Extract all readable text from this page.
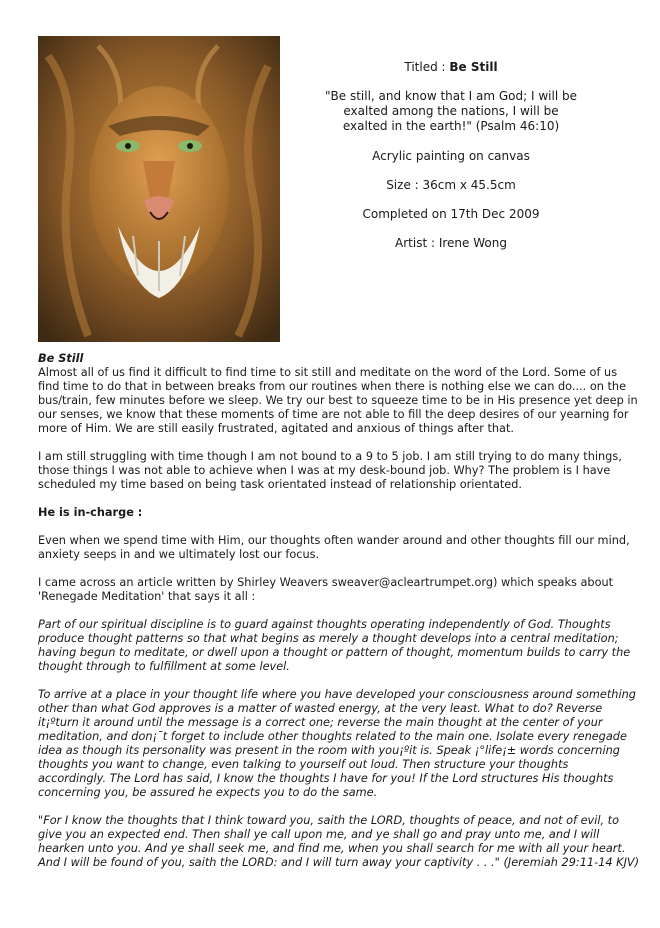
Titled : Be Still

"Be still, and know that I am God; I will be exalted among the nations, I will be exalted in the earth!" (Psalm 46:10)

Acrylic painting on canvas

Size : 36cm x 45.5cm

Completed on 17th Dec 2009

Artist : Irene Wong

Be Still

Almost all of us find it difficult to find time to sit still and meditate on the word of the Lord. Some of us find time to do that in between breaks from our routines when there is nothing else we can do.... on the bus/train, few minutes before we sleep. We try our best to squeeze time to be in His presence yet deep in our senses, we know that these moments of time are not able to fill the deep desires of our yearning for more of Him. We are still easily frustrated, agitated and anxious of things after that.

I am still struggling with time though I am not bound to a 9 to 5 job. I am still trying to do many things, those things I was not able to achieve when I was at my desk-bound job. Why? The problem is I have scheduled my time based on being task orientated instead of relationship orientated.

He is in-charge :

Even when we spend time with Him, our thoughts often wander around and other thoughts fill our mind, anxiety seeps in and we ultimately lost our focus.

I came across an article written by Shirley Weavers sweaver@acleartrumpet.org) which speaks about 'Renegade Meditation' that says it all :

Part of our spiritual discipline is to guard against thoughts operating independently of God. Thoughts produce thought patterns so that what begins as merely a thought develops into a central meditation; having begun to meditate, or dwell upon a thought or pattern of thought, momentum builds to carry the thought through to fulfillment at some level.

To arrive at a place in your thought life where you have developed your consciousness around something other than what God approves is a matter of wasted energy, at the very least. What to do? Reverse it¡ºturn it around until the message is a correct one; reverse the main thought at the center of your meditation, and don¡¯t forget to include other thoughts related to the main one. Isolate every renegade idea as though its personality was present in the room with you¡ºit is. Speak ¡°life¡± words concerning thoughts you want to change, even talking to yourself out loud. Then structure your thoughts accordingly. The Lord has said, I know the thoughts I have for you! If the Lord structures His thoughts concerning you, be assured he expects you to do the same.

"For I know the thoughts that I think toward you, saith the LORD, thoughts of peace, and not of evil, to give you an expected end. Then shall ye call upon me, and ye shall go and pray unto me, and I will hearken unto you. And ye shall seek me, and find me, when you shall search for me with all your heart. And I will be found of you, saith the LORD: and I will turn away your captivity . . ." (Jeremiah 29:11-14 KJV)
